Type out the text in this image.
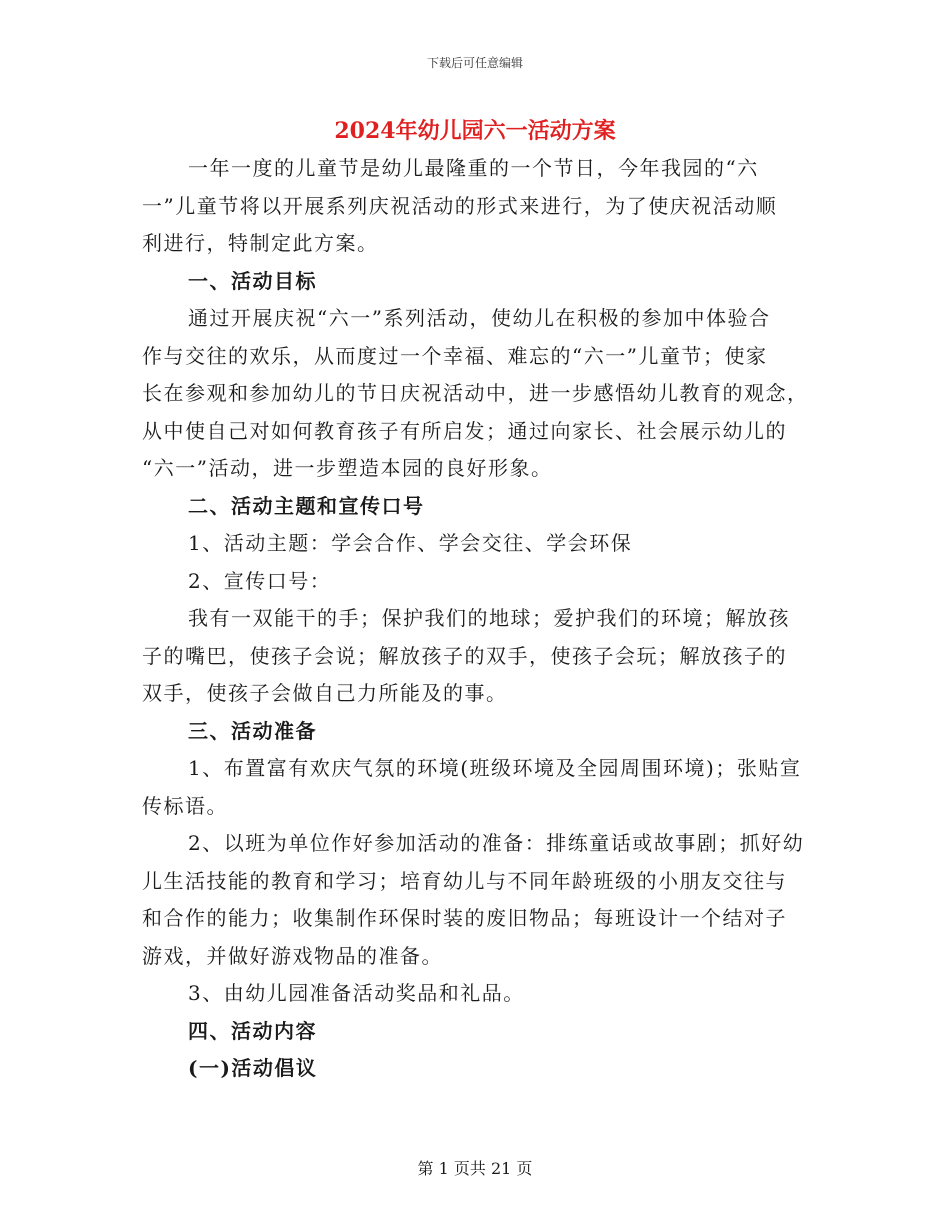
下载后可任意编辑
2024年幼儿园六一活动方案
一年一度的儿童节是幼儿最隆重的一个节日，今年我园的“六
一”儿童节将以开展系列庆祝活动的形式来进行，为了使庆祝活动顺
利进行，特制定此方案。
一、活动目标
通过开展庆祝“六一”系列活动，使幼儿在积极的参加中体验合
作与交往的欢乐，从而度过一个幸福、难忘的“六一”儿童节；使家
长在参观和参加幼儿的节日庆祝活动中，进一步感悟幼儿教育的观念，
从中使自己对如何教育孩子有所启发；通过向家长、社会展示幼儿的
“六一”活动，进一步塑造本园的良好形象。
二、活动主题和宣传口号
1、活动主题：学会合作、学会交往、学会环保
2、宣传口号：
我有一双能干的手；保护我们的地球；爱护我们的环境；解放孩
子的嘴巴，使孩子会说；解放孩子的双手，使孩子会玩；解放孩子的
双手，使孩子会做自己力所能及的事。
三、活动准备
1、布置富有欢庆气氛的环境(班级环境及全园周围环境)；张贴宣
传标语。
2、以班为单位作好参加活动的准备：排练童话或故事剧；抓好幼
儿生活技能的教育和学习；培育幼儿与不同年龄班级的小朋友交往与
和合作的能力；收集制作环保时装的废旧物品；每班设计一个结对子
游戏，并做好游戏物品的准备。
3、由幼儿园准备活动奖品和礼品。
四、活动内容
(一)活动倡议
第 1 页共 21 页
